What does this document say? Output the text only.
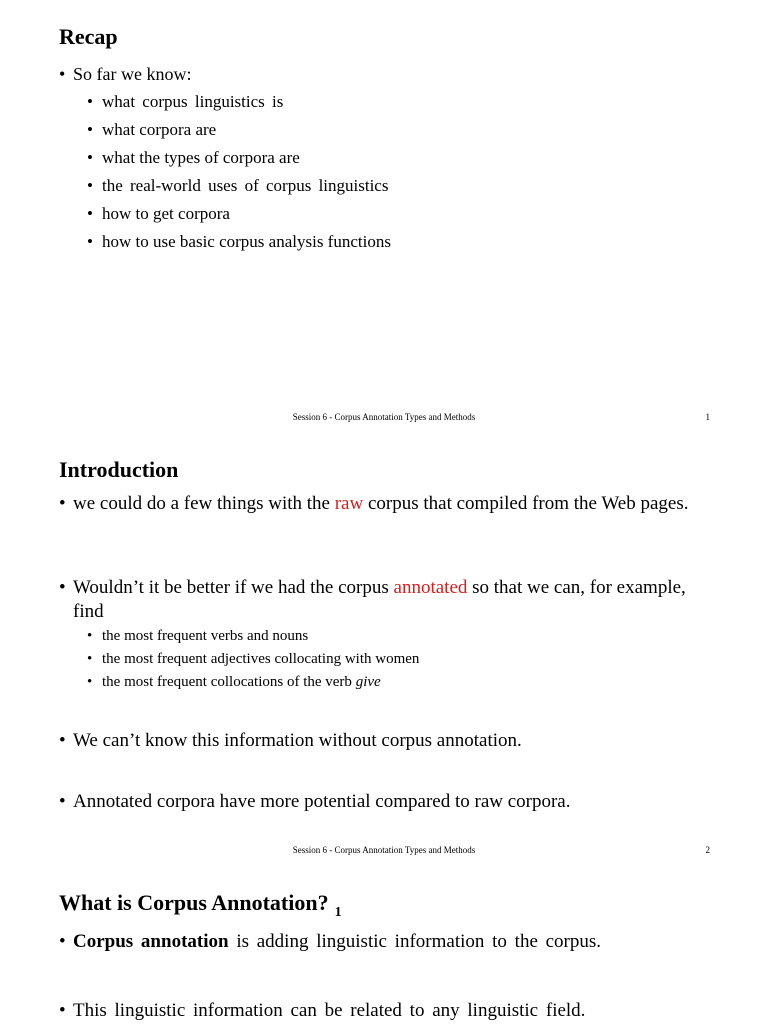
Recap

• So far we know:

• what corpus linguistics is

• what corpora are

• what the types of corpora are

• the real-world uses of corpus linguistics

• how to get corpora

• how to use basic corpus analysis functions

Session 6 - Corpus Annotation Types and Methods	1
Introduction

• we could do a few things with the raw corpus that compiled from the Web pages.

• Wouldn’t it be better if we had the corpus annotated so that we can, for example, find

• the most frequent verbs and nouns

• the most frequent adjectives collocating with women

• the most frequent collocations of the verb give

• We can’t know this information without corpus annotation.

• Annotated corpora have more potential compared to raw corpora.

Session 6 - Corpus Annotation Types and Methods	2
What is Corpus Annotation? $_1$

• Corpus annotation is adding linguistic information to the corpus.

• This linguistic information can be related to any linguistic field.
